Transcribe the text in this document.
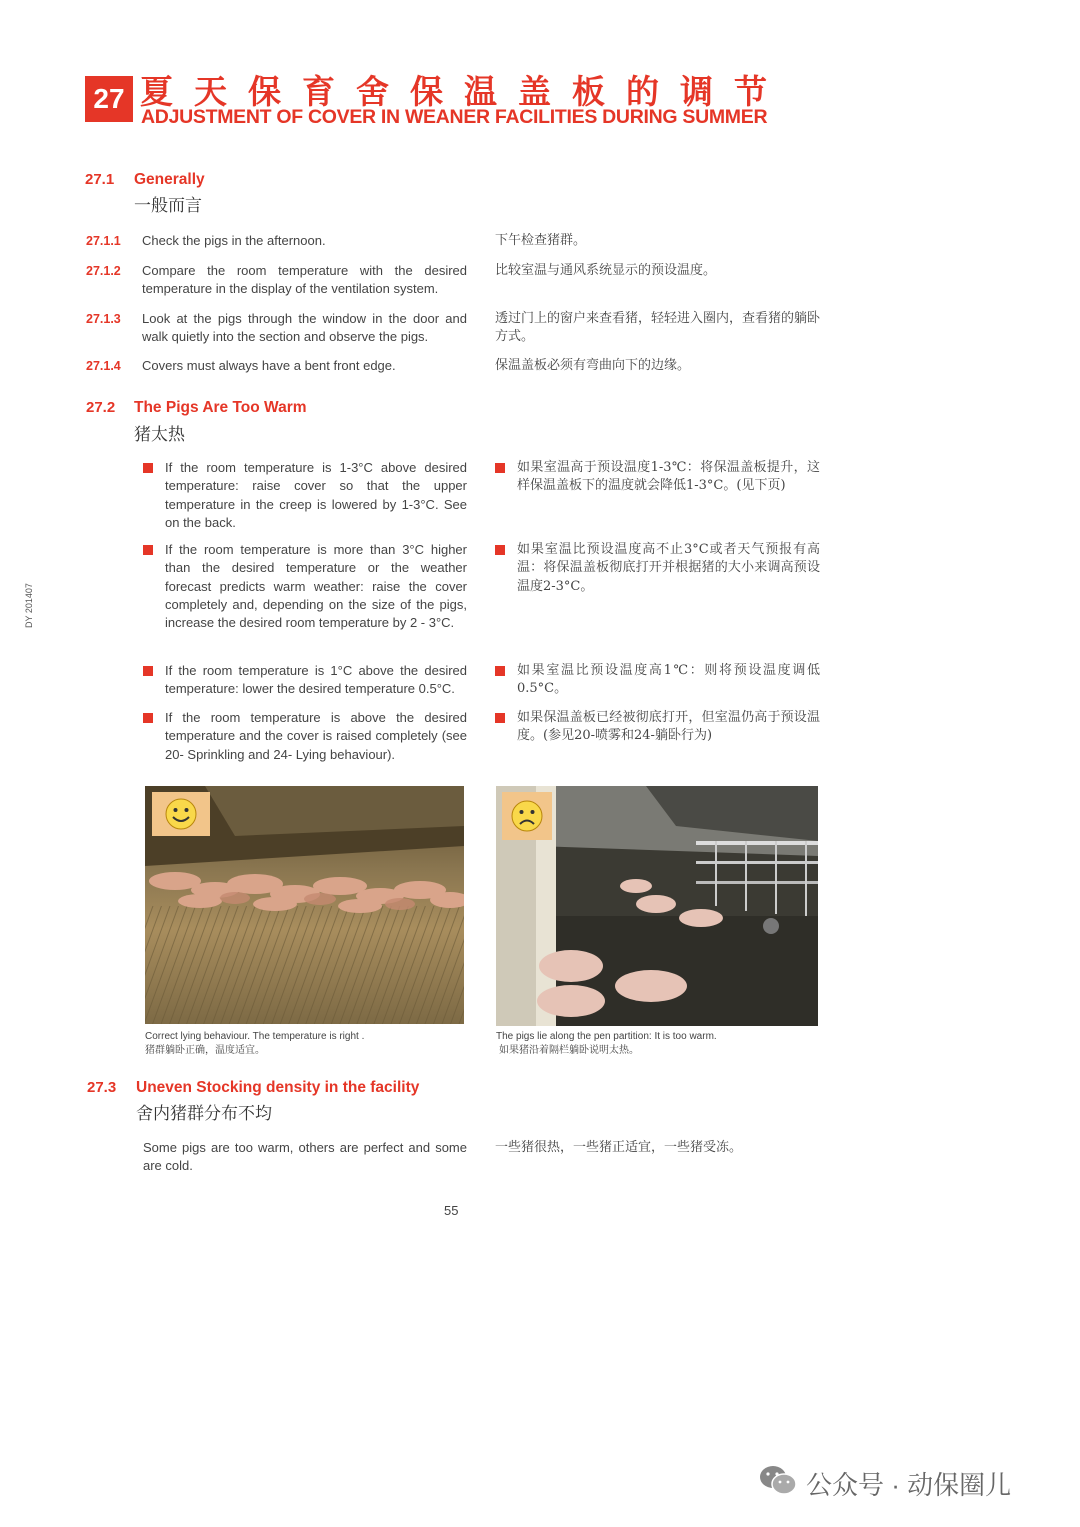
27 夏天保育舍保温盖板的调节
ADJUSTMENT OF COVER IN WEANER FACILITIES DURING SUMMER
27.1 Generally
一般而言
27.1.1 Check the pigs in the afternoon.	下午检查猪群。
27.1.2 Compare the room temperature with the desired temperature in the display of the ventilation system.
比较室温与通风系统显示的预设温度。
27.1.3 Look at the pigs through the window in the door and walk quietly into the section and observe the pigs.
透过门上的窗户来查看猪，轻轻进入圈内，查看猪的躺卧方式。
27.1.4 Covers must always have a bent front edge.	保温盖板必须有弯曲向下的边缘。
27.2 The Pigs Are Too Warm
猪太热
If the room temperature is 1-3°C above desired temperature: raise cover so that the upper temperature in the creep is lowered by 1-3°C. See on the back.
如果室温高于预设温度1-3℃：将保温盖板提升，这样保温盖板下的温度就会降低1-3°C。(见下页)
If the room temperature is more than 3°C higher than the desired temperature or the weather forecast predicts warm weather: raise the cover completely and, depending on the size of the pigs, increase the desired room temperature by 2 - 3°C.
如果室温比预设温度高不止3°C或者天气预报有高温：将保温盖板彻底打开并根据猪的大小来调高预设温度2-3°C。
If the room temperature is 1°C above the desired temperature: lower the desired temperature 0.5°C.
如果室温比预设温度高1℃：则将预设温度调低0.5°C。
If the room temperature is above the desired temperature and the cover is raised completely (see 20- Sprinkling and 24- Lying behaviour).
如果保温盖板已经被彻底打开，但室温仍高于预设温度。(参见20-喷雾和24-躺卧行为)
Correct lying behaviour. The temperature is right .
猪群躺卧正确，温度适宜。
The pigs lie along the pen partition: It is too warm.
如果猪沿着隔栏躺卧说明太热。
27.3 Uneven Stocking density in the facility
舍内猪群分布不均
Some pigs are too warm, others are perfect and some are cold.
一些猪很热，一些猪正适宜，一些猪受冻。
DY 201407
55
公众号 · 动保圈儿
